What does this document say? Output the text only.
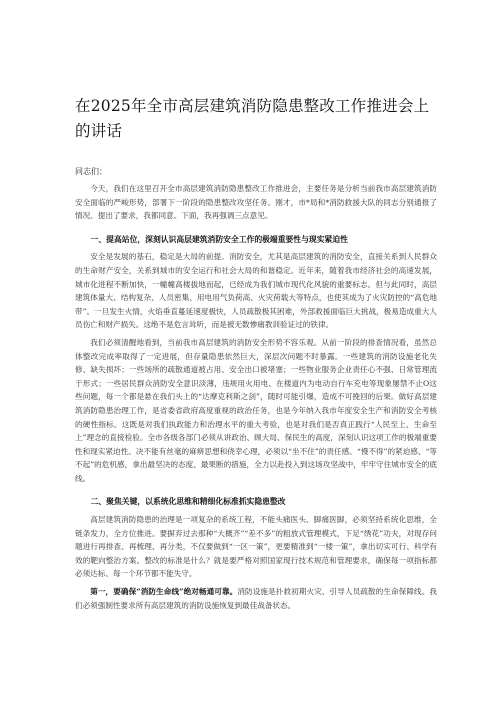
在2025年全市高层建筑消防隐患整改工作推进会上的讲话
同志们：

今天，我们在这里召开全市高层建筑消防隐患整改工作推进会，主要任务是分析当前我市高层建筑消防安全面临的严峻形势，部署下一阶段的隐患整改攻坚任务。刚才，市*局和*消防救援大队的同志分别通报了情况、提出了要求，我都同意。下面，我再强调三点意见。

一、提高站位，深刻认识高层建筑消防安全工作的极端重要性与现实紧迫性

安全是发展的基石，稳定是大局的前提。消防安全，尤其是高层建筑的消防安全，直接关系到人民群众的生命财产安全，关系到城市的安全运行和社会大局的和谐稳定。近年来，随着我市经济社会的高速发展，城市化进程不断加快，一幢幢高楼拔地而起，已经成为我们城市现代化风貌的重要标志。但与此同时，高层建筑体量大、结构复杂、人员密集、用电用气负荷高、火灾荷载大等特点，也使其成为了火灾防控的“高危地带”。一旦发生火情，火焰垂直蔓延速度极快，人员疏散极其困难，外部救援面临巨大挑战，极易造成重大人员伤亡和财产损失。这绝不是危言耸听，而是被无数惨痛教训验证过的铁律。

我们必须清醒地看到，当前我市高层建筑的消防安全形势不容乐观。从前一阶段的排查情况看，虽然总体整改完成率取得了一定进展，但存量隐患依然巨大，深层次问题不时暴露。一些建筑的消防设施老化失修、缺失损坏；一些场所的疏散通道被占用、安全出口被堵塞；一些物业服务企业责任心不强、日常管理流于形式；一些居民群众消防安全意识淡薄，违规用火用电、在楼道内为电动自行车充电等现象屡禁不止O这些问题，每一个都是悬在我们头上的“达摩克利斯之剑”，随时可能引爆，造成不可挽回的后果。做好高层建筑消防隐患治理工作，是省委省政府高度重视的政治任务，也是今年纳入我市年度安全生产和消防安全考核的硬性指标。这既是对我们执政能力和治理水平的重大考验，也是对我们是否真正践行“人民至上、生命至上”理念的直接检验。全市各级各部门必须从讲政治、顾大局、保民生的高度，深刻认识这项工作的极端重要性和现实紧迫性。决不能有丝毫的麻痹思想和侥幸心理，必须以“坐不住”的责任感、“慢不得”的紧迫感、“等不起”的危机感，拿出最坚决的态度、最果断的措施，全力以赴投入到这场攻坚战中，牢牢守住城市安全的底线。

二、聚焦关键，以系统化思维和精细化标准抓实隐患整改

高层建筑消防隐患的治理是一项复杂的系统工程，不能头痛医头、脚痛医脚，必须坚持系统化思维，全链条发力，全方位推进。要摒弃过去那种“大概齐”“差不多”的粗放式管理模式，下足“绣花”功夫，对现存问题进行再排查、再梳理、再分类，不仅要做到“一区一策”，更要精准到“一楼一策”，拿出切实可行、科学有效的靶向整治方案。整改的标准是什么？就是要严格对照国家现行技术规范和管理要求，确保每一项指标都必须达标、每一个环节都不能失守。

第一，要确保“消防生命线”绝对畅通可靠。消防设施是扑救初期火灾、引导人员疏散的生命保障线。我们必须强制性要求所有高层建筑的消防设施恢复到最佳战备状态。
